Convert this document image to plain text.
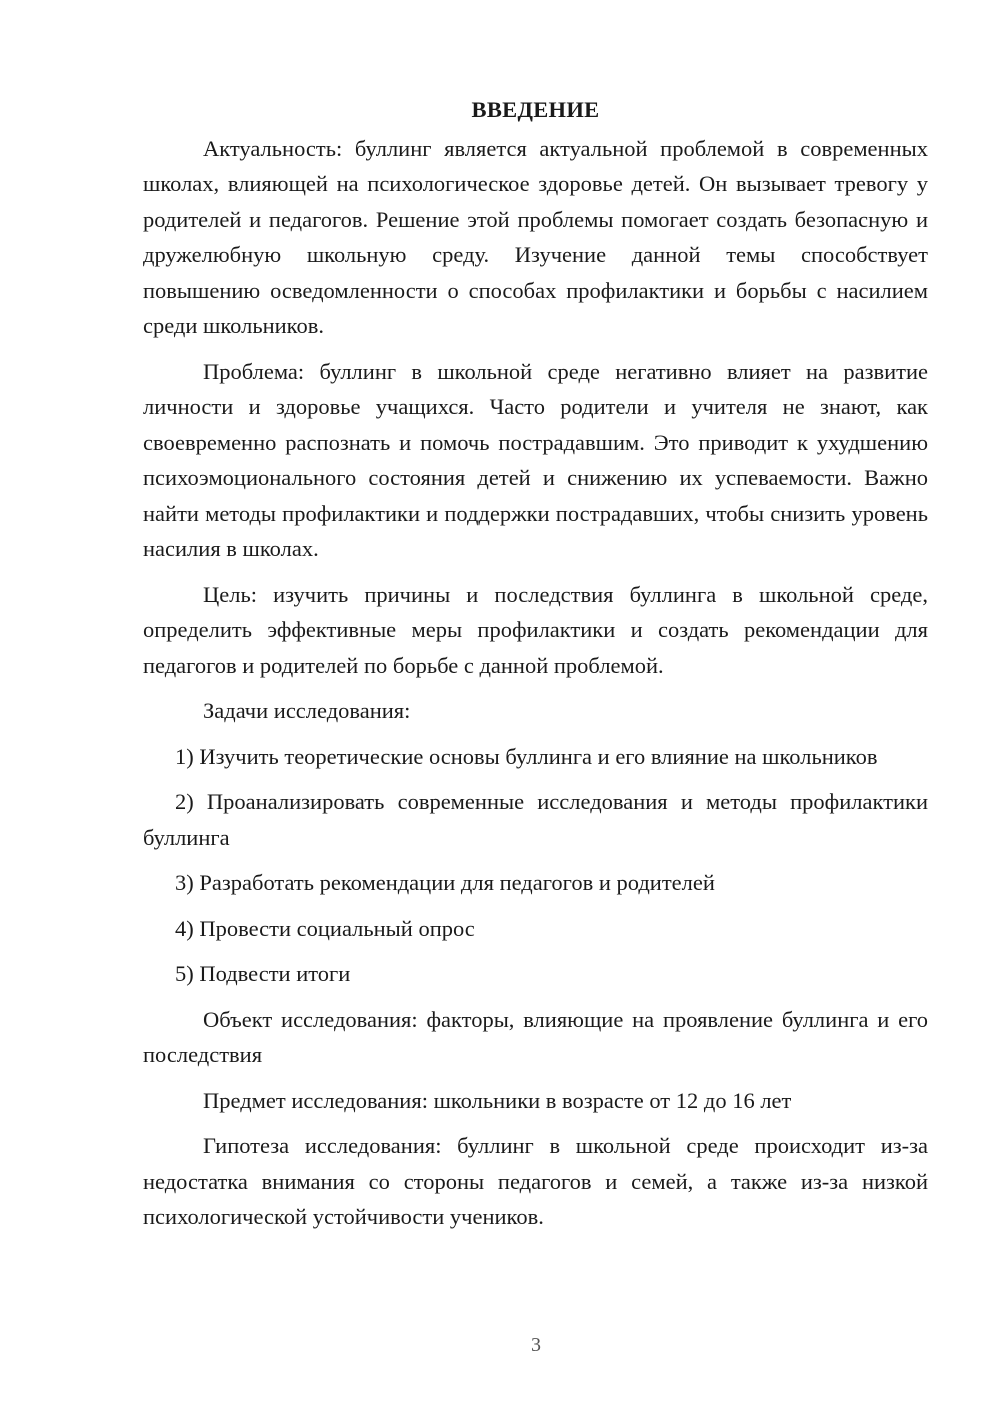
ВВЕДЕНИЕ

Актуальность: буллинг является актуальной проблемой в современных школах, влияющей на психологическое здоровье детей. Он вызывает тревогу у родителей и педагогов. Решение этой проблемы помогает создать безопасную и дружелюбную школьную среду. Изучение данной темы способствует повышению осведомленности о способах профилактики и борьбы с насилием среди школьников.

Проблема: буллинг в школьной среде негативно влияет на развитие личности и здоровье учащихся. Часто родители и учителя не знают, как своевременно распознать и помочь пострадавшим. Это приводит к ухудшению психоэмоционального состояния детей и снижению их успеваемости. Важно найти методы профилактики и поддержки пострадавших, чтобы снизить уровень насилия в школах.

Цель: изучить причины и последствия буллинга в школьной среде, определить эффективные меры профилактики и создать рекомендации для педагогов и родителей по борьбе с данной проблемой.

Задачи исследования:

1) Изучить теоретические основы буллинга и его влияние на школьников

2) Проанализировать современные исследования и методы профилактики буллинга

3) Разработать рекомендации для педагогов и родителей

4) Провести социальный опрос

5) Подвести итоги

Объект исследования: факторы, влияющие на проявление буллинга и его последствия

Предмет исследования: школьники в возрасте от 12 до 16 лет

Гипотеза исследования: буллинг в школьной среде происходит из-за недостатка внимания со стороны педагогов и семей, а также из-за низкой психологической устойчивости учеников.

3
